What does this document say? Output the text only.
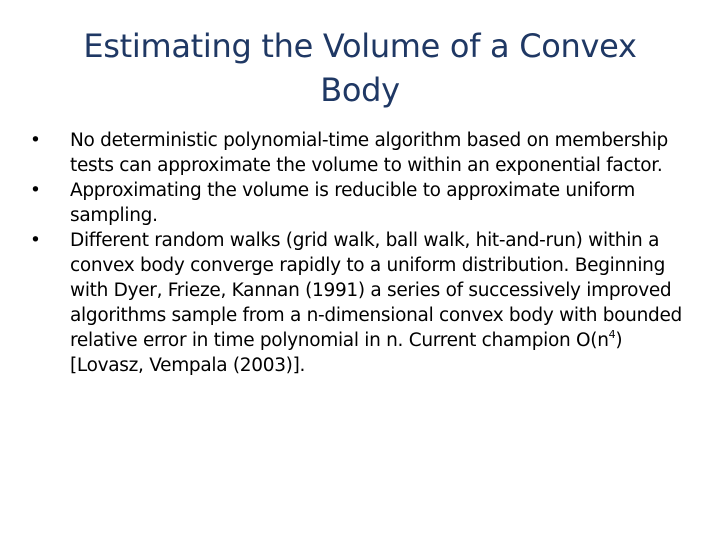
Estimating the Volume of a Convex
Body
• No deterministic polynomial-time algorithm based on membership tests can approximate the volume to within an exponential factor.
• Approximating the volume is reducible to approximate uniform sampling.
• Different random walks (grid walk, ball walk, hit-and-run) within a convex body converge rapidly to a uniform distribution. Beginning with Dyer, Frieze, Kannan (1991) a series of successively improved algorithms sample from a n-dimensional convex body with bounded relative error in time polynomial in n. Current champion $O(n^4)$ [Lovasz, Vempala (2003)].
